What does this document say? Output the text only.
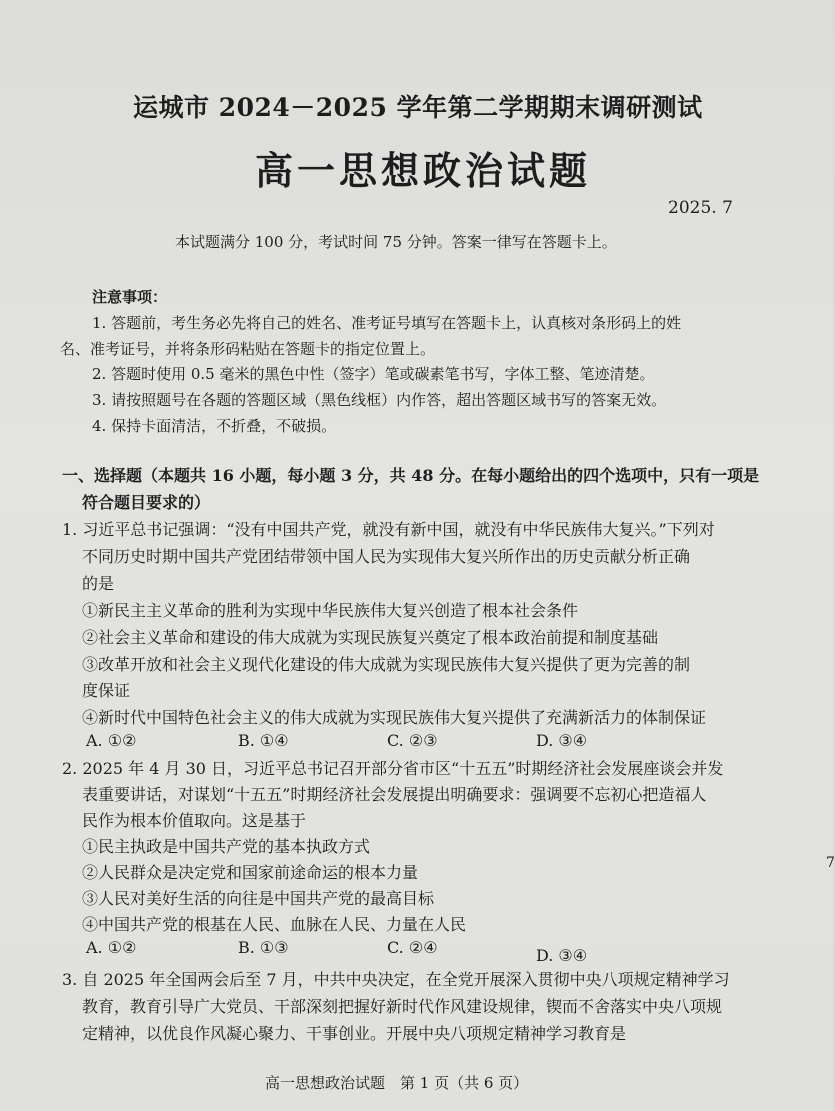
运城市 2024－2025 学年第二学期期末调研测试
高一思想政治试题
2025. 7
本试题满分 100 分，考试时间 75 分钟。答案一律写在答题卡上。
注意事项：
1. 答题前，考生务必先将自己的姓名、准考证号填写在答题卡上，认真核对条形码上的姓
名、准考证号，并将条形码粘贴在答题卡的指定位置上。
2. 答题时使用 0.5 毫米的黑色中性（签字）笔或碳素笔书写，字体工整、笔迹清楚。
3. 请按照题号在各题的答题区域（黑色线框）内作答，超出答题区域书写的答案无效。
4. 保持卡面清洁，不折叠，不破损。
一、选择题（本题共 16 小题，每小题 3 分，共 48 分。在每小题给出的四个选项中，只有一项是
符合题目要求的）
1. 习近平总书记强调：“没有中国共产党，就没有新中国，就没有中华民族伟大复兴。”下列对
不同历史时期中国共产党团结带领中国人民为实现伟大复兴所作出的历史贡献分析正确
的是
①新民主主义革命的胜利为实现中华民族伟大复兴创造了根本社会条件
②社会主义革命和建设的伟大成就为实现民族复兴奠定了根本政治前提和制度基础
③改革开放和社会主义现代化建设的伟大成就为实现民族伟大复兴提供了更为完善的制
度保证
④新时代中国特色社会主义的伟大成就为实现民族伟大复兴提供了充满新活力的体制保证
A. ①②	B. ①④	C. ②③	D. ③④
2. 2025 年 4 月 30 日，习近平总书记召开部分省市区“十五五”时期经济社会发展座谈会并发
表重要讲话，对谋划“十五五”时期经济社会发展提出明确要求：强调要不忘初心把造福人
民作为根本价值取向。这是基于
①民主执政是中国共产党的基本执政方式
②人民群众是决定党和国家前途命运的根本力量
③人民对美好生活的向往是中国共产党的最高目标
④中国共产党的根基在人民、血脉在人民、力量在人民
A. ①②	B. ①③	C. ②④	D. ③④
3. 自 2025 年全国两会后至 7 月，中共中央决定，在全党开展深入贯彻中央八项规定精神学习
教育，教育引导广大党员、干部深刻把握好新时代作风建设规律，锲而不舍落实中央八项规
定精神，以优良作风凝心聚力、干事创业。开展中央八项规定精神学习教育是
高一思想政治试题　第 1 页（共 6 页）
7
